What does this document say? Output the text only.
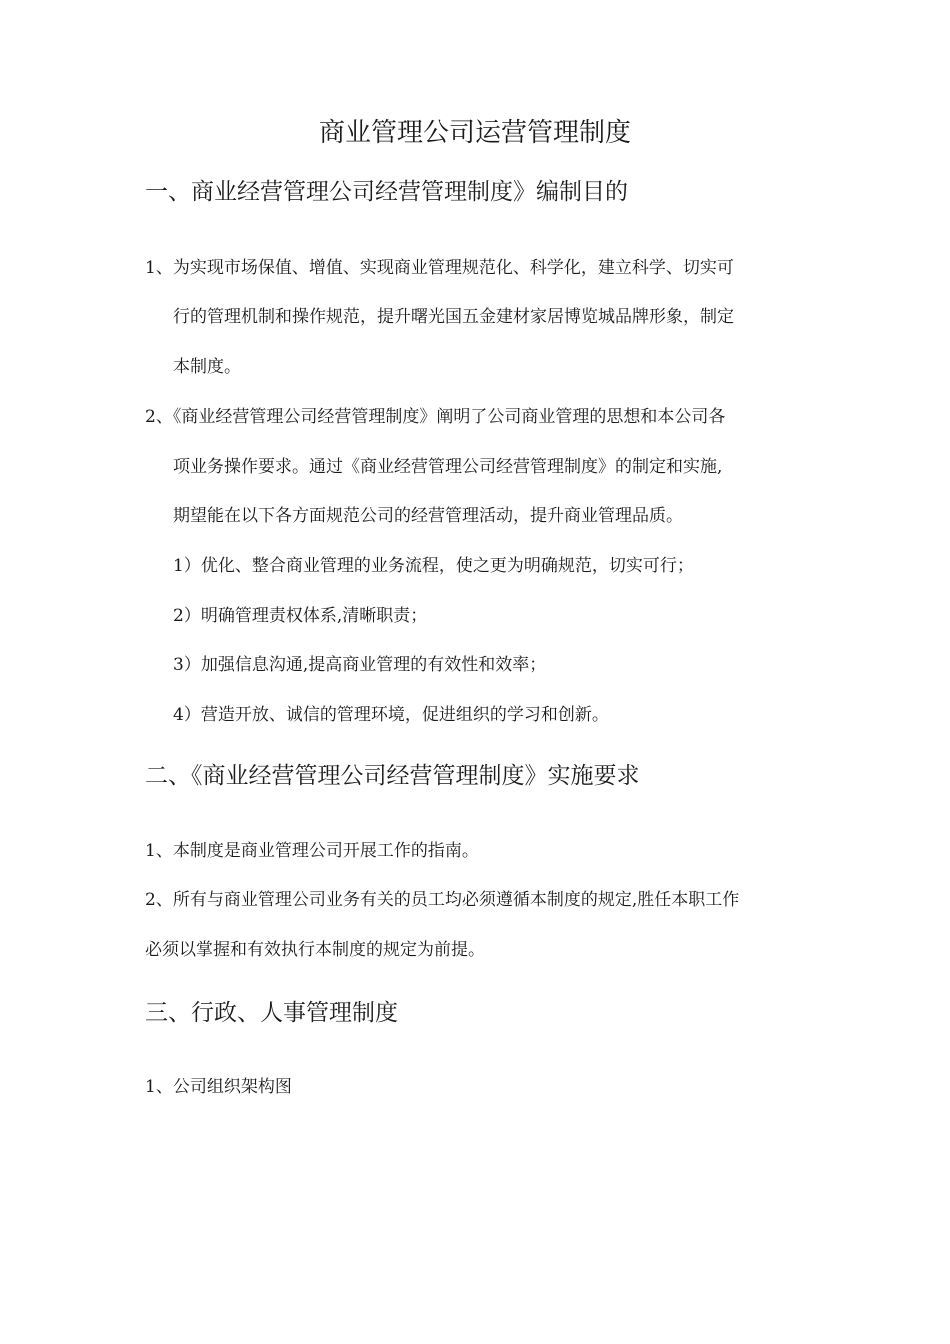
商业管理公司运营管理制度
一、商业经营管理公司经营管理制度》编制目的
1、为实现市场保值、增值、实现商业管理规范化、科学化，建立科学、切实可
行的管理机制和操作规范，提升曙光国五金建材家居博览城品牌形象，制定
本制度。
2、《商业经营管理公司经营管理制度》阐明了公司商业管理的思想和本公司各
项业务操作要求。通过《商业经营管理公司经营管理制度》的制定和实施,
期望能在以下各方面规范公司的经营管理活动，提升商业管理品质。
1）优化、整合商业管理的业务流程，使之更为明确规范，切实可行；
2）明确管理责权体系,清晰职责；
3）加强信息沟通,提高商业管理的有效性和效率；
4）营造开放、诚信的管理环境，促进组织的学习和创新。
二、《商业经营管理公司经营管理制度》实施要求
1、本制度是商业管理公司开展工作的指南。
2、所有与商业管理公司业务有关的员工均必须遵循本制度的规定,胜任本职工作
必须以掌握和有效执行本制度的规定为前提。
三、行政、人事管理制度
1、公司组织架构图
